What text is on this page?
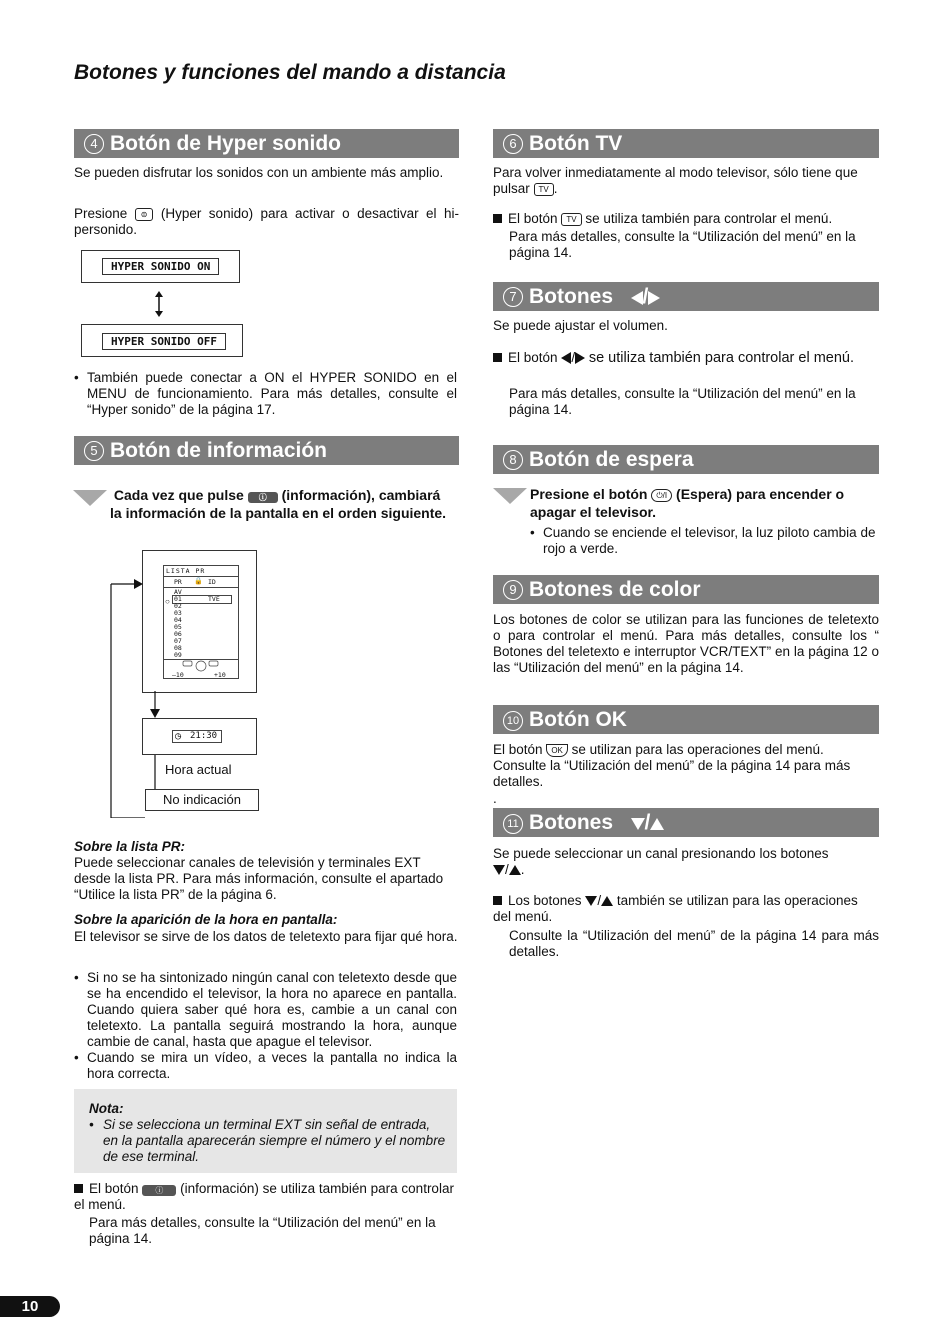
Botones y funciones del mando a distancia
4 Botón de Hyper sonido
Se pueden disfrutar los sonidos con un ambiente más amplio.
Presione ⊜ (Hyper sonido) para activar o desactivar el hi-personido.
HYPER SONIDO ON
HYPER SONIDO OFF
• También puede conectar a ON el HYPER SONIDO en el MENU de funcionamiento. Para más detalles, consulte el “Hyper sonido” de la página 17.
5 Botón de información
Cada vez que pulse ⓘ (información), cambiará la información de la pantalla en el orden siguiente.
LISTA PR
PR 🔒 ID
AV
01	TVE
02
03
04
05
06
07
08
09
–10	+10
○
◷ 21:30
Hora actual
No indicación
Sobre la lista PR:
Puede seleccionar canales de televisión y terminales EXT desde la lista PR. Para más información, consulte el apartado “Utilice la lista PR” de la página 6.
Sobre la aparición de la hora en pantalla:
El televisor se sirve de los datos de teletexto para fijar qué hora.
• Si no se ha sintonizado ningún canal con teletexto desde que se ha encendido el televisor, la hora no aparece en pantalla. Cuando quiera saber qué hora es, cambie a un canal con teletexto. La pantalla seguirá mostrando la hora, aunque cambie de canal, hasta que apague el televisor.
• Cuando se mira un vídeo, a veces la pantalla no indica la hora correcta.
Nota:
• Si se selecciona un terminal EXT sin señal de entrada, en la pantalla aparecerán siempre el número y el nombre de ese terminal.
El botón ⓘ (información) se utiliza también para controlar el menú.
Para más detalles, consulte la “Utilización del menú” en la página 14.
6 Botón TV
Para volver inmediatamente al modo televisor, sólo tiene que pulsar TV .
El botón TV se utiliza también para controlar el menú.
Para más detalles, consulte la “Utilización del menú” en la página 14.
7 Botones /
Se puede ajustar el volumen.
El botón / se utiliza también para controlar el menú.
Para más detalles, consulte la “Utilización del menú” en la página 14.
8 Botón de espera
Presione el botón ⏻/I (Espera) para encender o apagar el televisor.
• Cuando se enciende el televisor, la luz piloto cambia de rojo a verde.
9 Botones de color
Los botones de color se utilizan para las funciones de teletexto o para controlar el menú. Para más detalles, consulte los “ Botones del teletexto e interruptor VCR/TEXT” en la página 12 o las “Utilización del menú” en la página 14.
10 Botón OK
El botón OK se utilizan para las operaciones del menú. Consulte la “Utilización del menú” de la página 14 para más detalles.
.
11 Botones /
Se puede seleccionar un canal presionando los botones
/ .
Los botones / también se utilizan para las operaciones del menú.
Consulte la “Utilización del menú” de la página 14 para más detalles.
10
